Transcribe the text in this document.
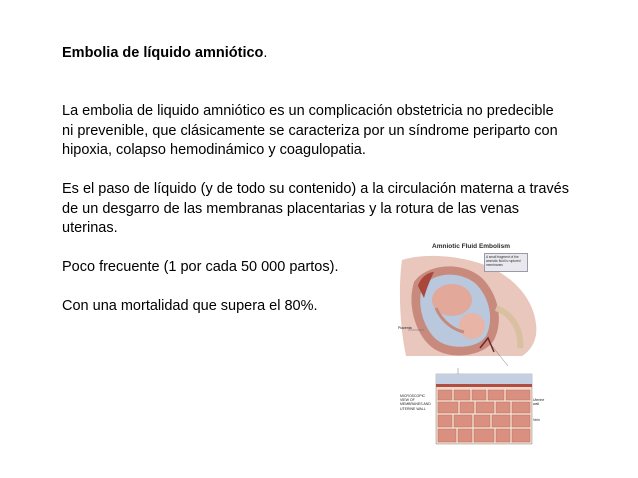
Embolia de líquido amniótico.
La embolia de liquido amniótico es un complicación obstetricia no predecible
ni prevenible, que clásicamente se caracteriza por un síndrome periparto con
hipoxia, colapso hemodinámico y coagulopatia.
Es el paso de líquido (y de todo su contenido) a la circulación materna a través
de un desgarro de las membranas placentarias y la rotura de las venas
uterinas.
Poco frecuente (1 por cada 50 000 partos).
Con una mortalidad que supera el 80%.
Amniotic Fluid Embolism
A small fragment of the amniotic fluid is ruptured membranes
Placenta
MICROSCOPIC VIEW OF MEMBRANES AND UTERINE WALL
Uterine wall
Vein
